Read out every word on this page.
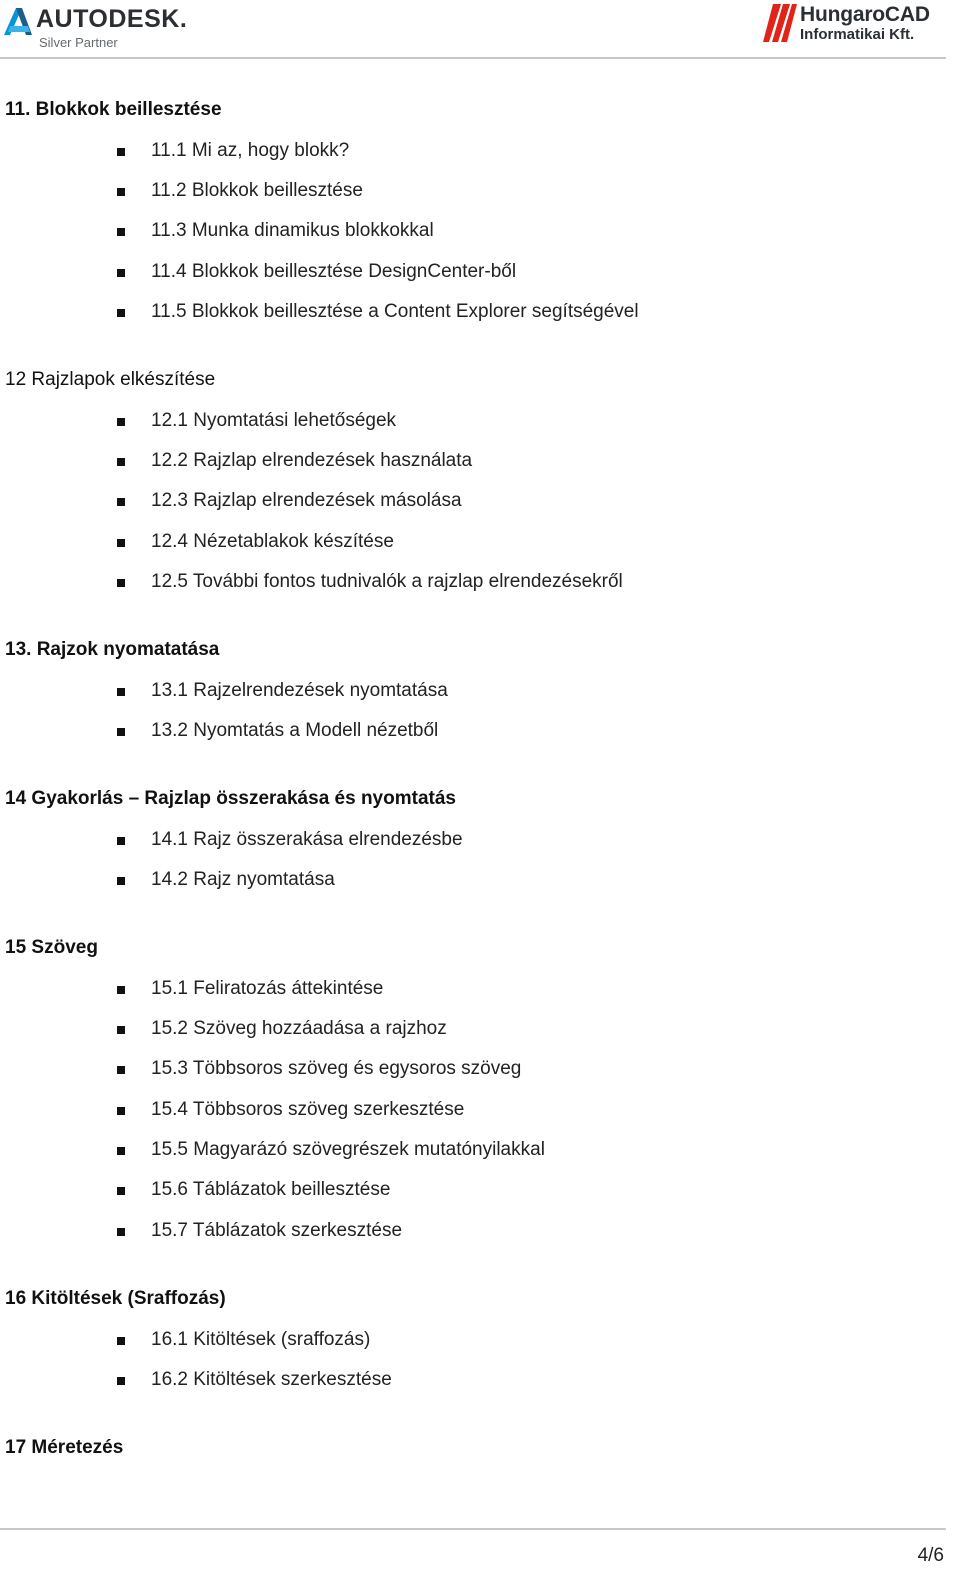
AUTODESK.
Silver Partner
HungaroCAD
Informatikai Kft.
11. Blokkok beillesztése
11.1 Mi az, hogy blokk?
11.2 Blokkok beillesztése
11.3 Munka dinamikus blokkokkal
11.4 Blokkok beillesztése DesignCenter-ből
11.5 Blokkok beillesztése a Content Explorer segítségével
12 Rajzlapok elkészítése
12.1 Nyomtatási lehetőségek
12.2 Rajzlap elrendezések használata
12.3 Rajzlap elrendezések másolása
12.4 Nézetablakok készítése
12.5 További fontos tudnivalók a rajzlap elrendezésekről
13. Rajzok nyomatatása
13.1 Rajzelrendezések nyomtatása
13.2 Nyomtatás a Modell nézetből
14 Gyakorlás – Rajzlap összerakása és nyomtatás
14.1 Rajz összerakása elrendezésbe
14.2 Rajz nyomtatása
15 Szöveg
15.1 Feliratozás áttekintése
15.2 Szöveg hozzáadása a rajzhoz
15.3 Többsoros szöveg és egysoros szöveg
15.4 Többsoros szöveg szerkesztése
15.5 Magyarázó szövegrészek mutatónyilakkal
15.6 Táblázatok beillesztése
15.7 Táblázatok szerkesztése
16 Kitöltések (Sraffozás)
16.1 Kitöltések (sraffozás)
16.2 Kitöltések szerkesztése
17 Méretezés
4/6
